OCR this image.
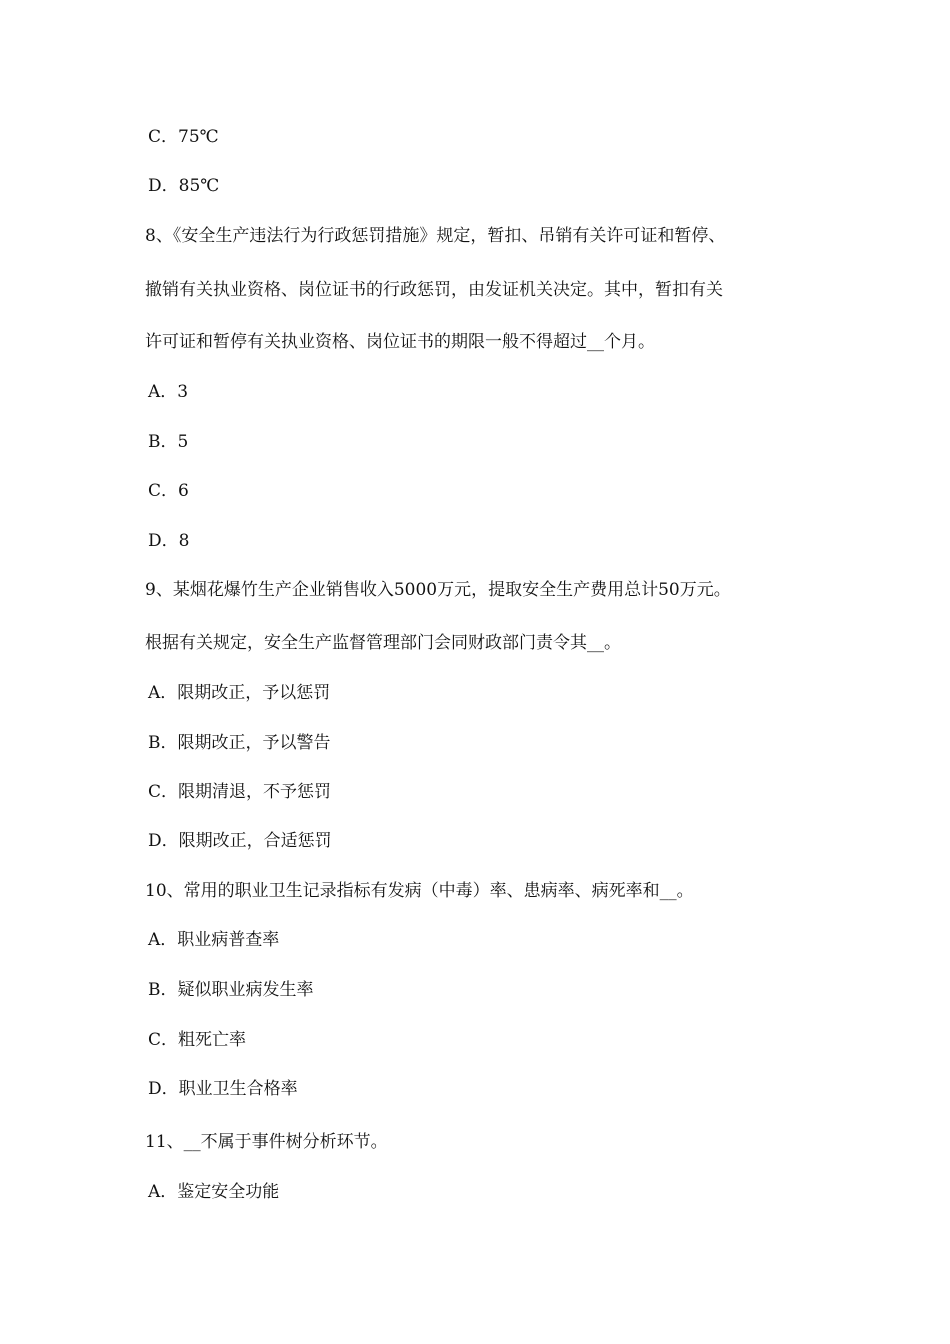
C．75℃
D．85℃
8、《安全生产违法行为行政惩罚措施》规定，暂扣、吊销有关许可证和暂停、
撤销有关执业资格、岗位证书的行政惩罚，由发证机关决定。其中，暂扣有关
许可证和暂停有关执业资格、岗位证书的期限一般不得超过__个月。
A．3
B．5
C．6
D．8
9、某烟花爆竹生产企业销售收入5000万元，提取安全生产费用总计50万元。
根据有关规定，安全生产监督管理部门会同财政部门责令其__。
A．限期改正，予以惩罚
B．限期改正，予以警告
C．限期清退，不予惩罚
D．限期改正，合适惩罚
10、常用的职业卫生记录指标有发病（中毒）率、患病率、病死率和__。
A．职业病普查率
B．疑似职业病发生率
C．粗死亡率
D．职业卫生合格率
11、__不属于事件树分析环节。
A．鉴定安全功能
